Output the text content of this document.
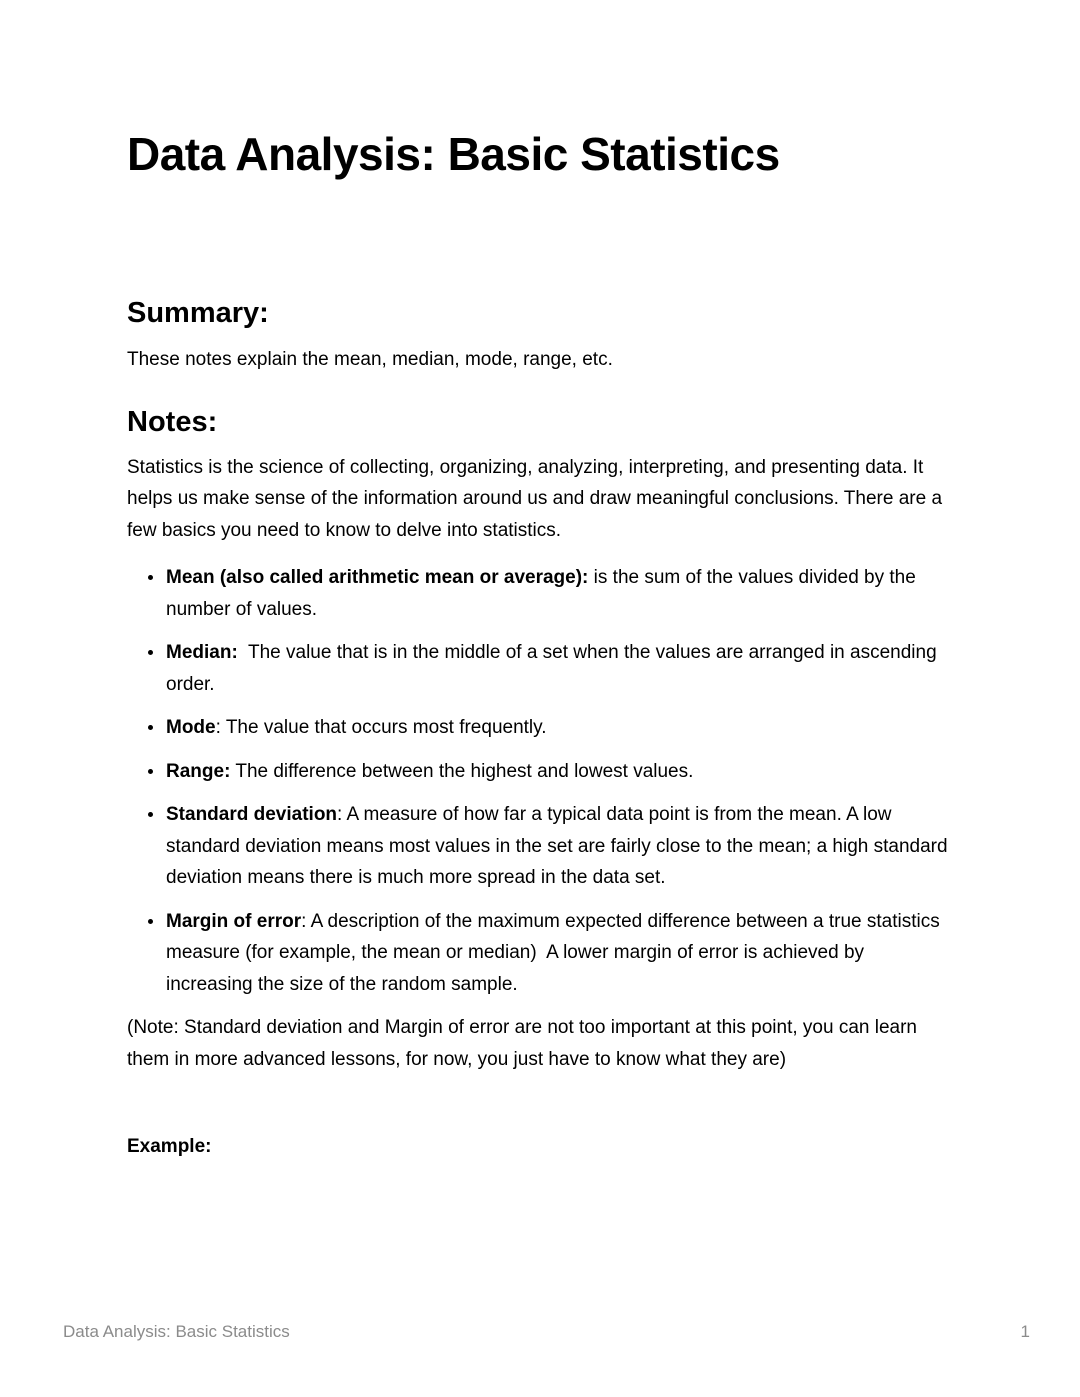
Data Analysis: Basic Statistics
Summary:

These notes explain the mean, median, mode, range, etc.

Notes:

Statistics is the science of collecting, organizing, analyzing, interpreting, and presenting data. It helps us make sense of the information around us and draw meaningful conclusions. There are a few basics you need to know to delve into statistics.

• Mean (also called arithmetic mean or average): is the sum of the values divided by the number of values.
• Median:  The value that is in the middle of a set when the values are arranged in ascending order.
• Mode: The value that occurs most frequently.
• Range: The difference between the highest and lowest values.
• Standard deviation: A measure of how far a typical data point is from the mean. A low standard deviation means most values in the set are fairly close to the mean; a high standard deviation means there is much more spread in the data set.
• Margin of error: A description of the maximum expected difference between a true statistics measure (for example, the mean or median)  A lower margin of error is achieved by increasing the size of the random sample.

(Note: Standard deviation and Margin of error are not too important at this point, you can learn them in more advanced lessons, for now, you just have to know what they are)

Example:

Data Analysis: Basic Statistics	1
